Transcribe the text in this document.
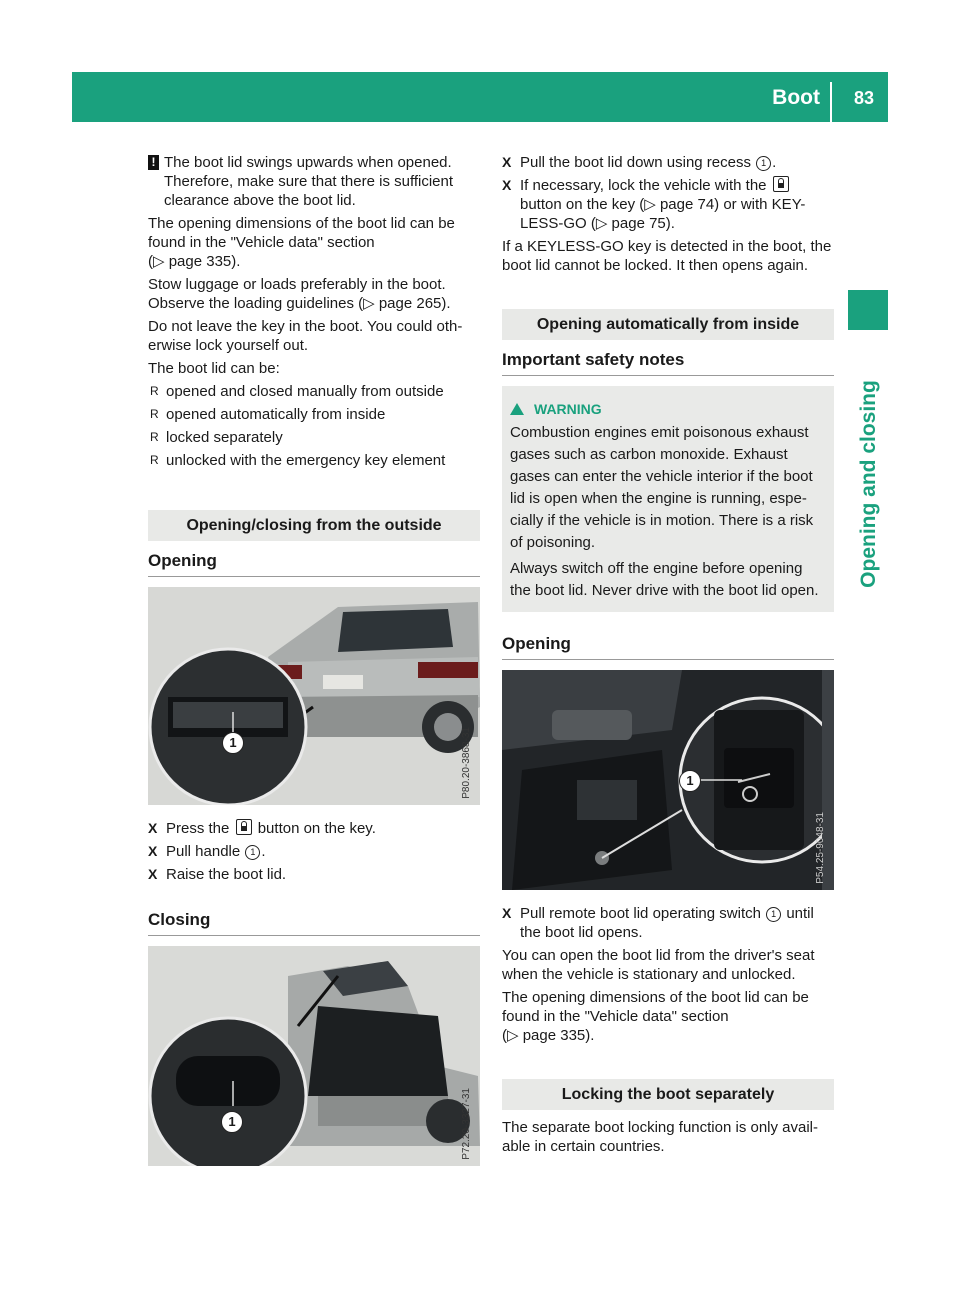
Boot 83
Opening and closing
! The boot lid swings upwards when opened. Therefore, make sure that there is sufficient clearance above the boot lid.

The opening dimensions of the boot lid can be found in the "Vehicle data" section
(▷ page 335).

Stow luggage or loads preferably in the boot. Observe the loading guidelines (▷ page 265).

Do not leave the key in the boot. You could oth- erwise lock yourself out.

The boot lid can be:

R opened and closed manually from outside
R opened automatically from inside
R locked separately
R unlocked with the emergency key element
Opening/closing from the outside
Opening
1	P80.20-3868-31
X Press the button on the key.
X Pull handle 1 .
X Raise the boot lid.
Closing
1	P72.20-3327-31
X Pull the boot lid down using recess 1 .
X If necessary, lock the vehicle with the  button on the key (▷ page 74) or with KEY- LESS-GO (▷ page 75).

If a KEYLESS-GO key is detected in the boot, the boot lid cannot be locked. It then opens again.

Opening automatically from inside
Important safety notes
WARNING

Combustion engines emit poisonous exhaust gases such as carbon monoxide. Exhaust gases can enter the vehicle interior if the boot lid is open when the engine is running, espe- cially if the vehicle is in motion. There is a risk of poisoning.

Always switch off the engine before opening the boot lid. Never drive with the boot lid open.

Opening
1
P54.25-9048-31
X Pull remote boot lid operating switch 1 until the boot lid opens.

You can open the boot lid from the driver's seat when the vehicle is stationary and unlocked.

The opening dimensions of the boot lid can be found in the "Vehicle data" section
(▷ page 335).

Locking the boot separately

The separate boot locking function is only avail- able in certain countries.
